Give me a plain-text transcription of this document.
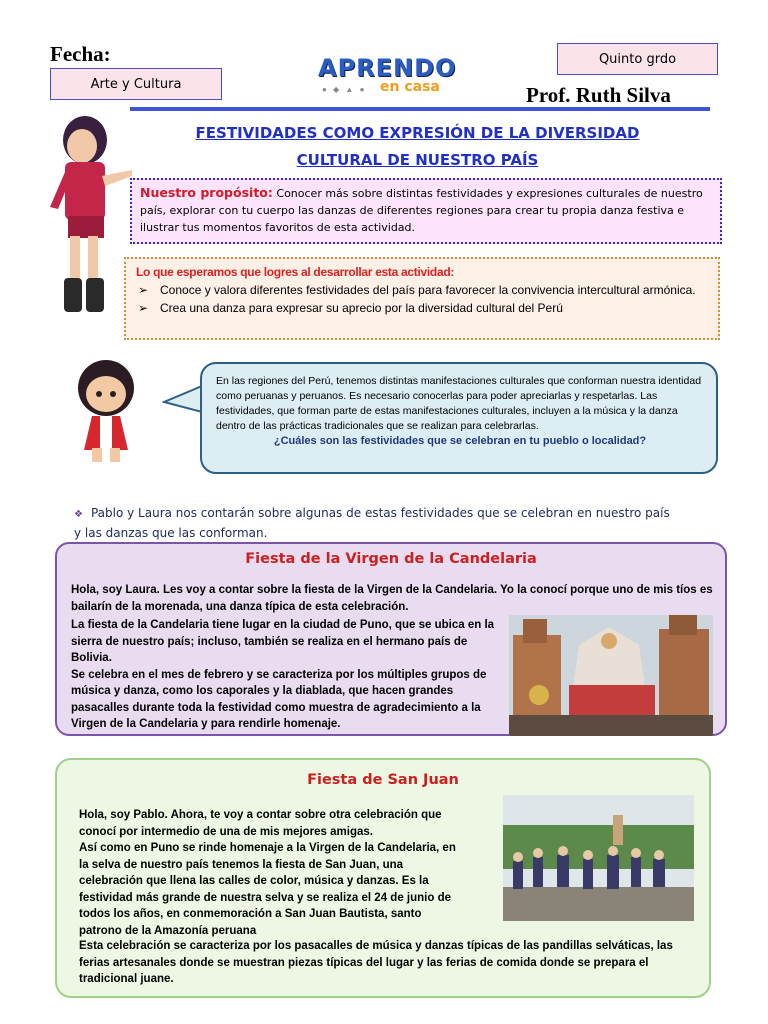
Fecha:
Arte y Cultura
APRENDO
● ◆ ▲ ● en casa
Quinto grdo
Prof. Ruth Silva
FESTIVIDADES COMO EXPRESIÓN DE LA DIVERSIDAD
CULTURAL DE NUESTRO PAÍS
Nuestro propósito: Conocer más sobre distintas festividades y expresiones culturales de nuestro país, explorar con tu cuerpo las danzas de diferentes regiones para crear tu propia danza festiva e ilustrar tus momentos favoritos de esta actividad.
Lo que esperamos que logres al desarrollar esta actividad:
➢ Conoce y valora diferentes festividades del país para favorecer la convivencia intercultural armónica.
➢ Crea una danza para expresar su aprecio por la diversidad cultural del Perú
En las regiones del Perú, tenemos distintas manifestaciones culturales que conforman nuestra identidad como peruanas y peruanos. Es necesario conocerlas para poder apreciarlas y respetarlas. Las festividades, que forman parte de estas manifestaciones culturales, incluyen a la música y la danza dentro de las prácticas tradicionales que se realizan para celebrarlas.
¿Cuáles son las festividades que se celebran en tu pueblo o localidad?
❖ Pablo y Laura nos contarán sobre algunas de estas festividades que se celebran en nuestro país y las danzas que las conforman.
Fiesta de la Virgen de la Candelaria
Hola, soy Laura. Les voy a contar sobre la fiesta de la Virgen de la Candelaria. Yo la conocí porque uno de mis tíos es bailarín de la morenada, una danza típica de esta celebración.
La fiesta de la Candelaria tiene lugar en la ciudad de Puno, que se ubica en la sierra de nuestro país; incluso, también se realiza en el hermano país de Bolivia.
Se celebra en el mes de febrero y se caracteriza por los múltiples grupos de música y danza, como los caporales y la diablada, que hacen grandes pasacalles durante toda la festividad como muestra de agradecimiento a la Virgen de la Candelaria y para rendirle homenaje.
Fiesta de San Juan
Hola, soy Pablo. Ahora, te voy a contar sobre otra celebración que conocí por intermedio de una de mis mejores amigas.
Así como en Puno se rinde homenaje a la Virgen de la Candelaria, en la selva de nuestro país tenemos la fiesta de San Juan, una celebración que llena las calles de color, música y danzas. Es la festividad más grande de nuestra selva y se realiza el 24 de junio de todos los años, en conmemoración a San Juan Bautista, santo patrono de la Amazonía peruana
Esta celebración se caracteriza por los pasacalles de música y danzas típicas de las pandillas selváticas, las ferias artesanales donde se muestran piezas típicas del lugar y las ferias de comida donde se prepara el tradicional juane.
